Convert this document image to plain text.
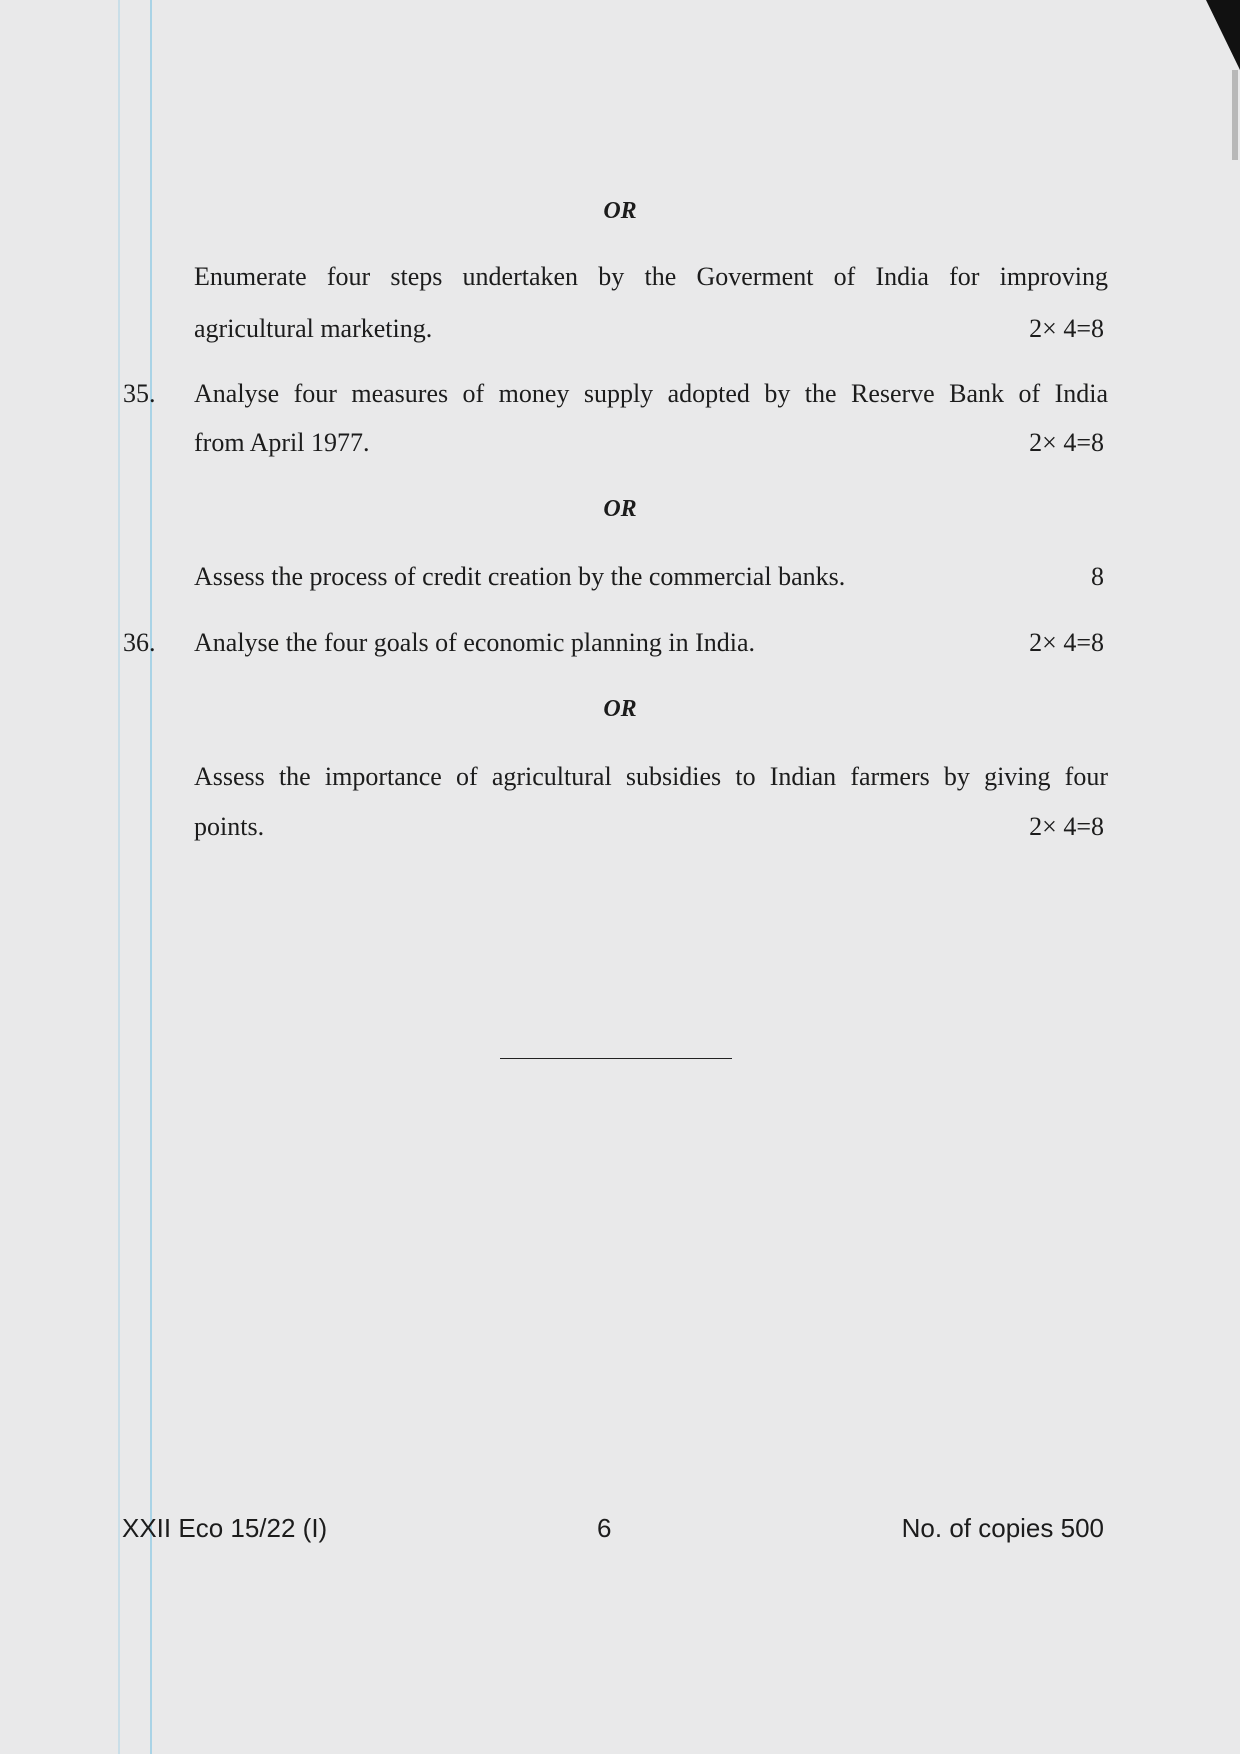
OR
Enumerate four steps undertaken by the Goverment of India for improving
agricultural marketing.	2× 4=8
35. Analyse four measures of money supply adopted by the Reserve Bank of India
from April 1977.	2× 4=8
OR
Assess the process of credit creation by the commercial banks.	8
36. Analyse the four goals of economic planning in India.	2× 4=8
OR
Assess the importance of agricultural subsidies to Indian farmers by giving four
points.	2× 4=8
XXII Eco 15/22 (I)	6	No. of copies 500
